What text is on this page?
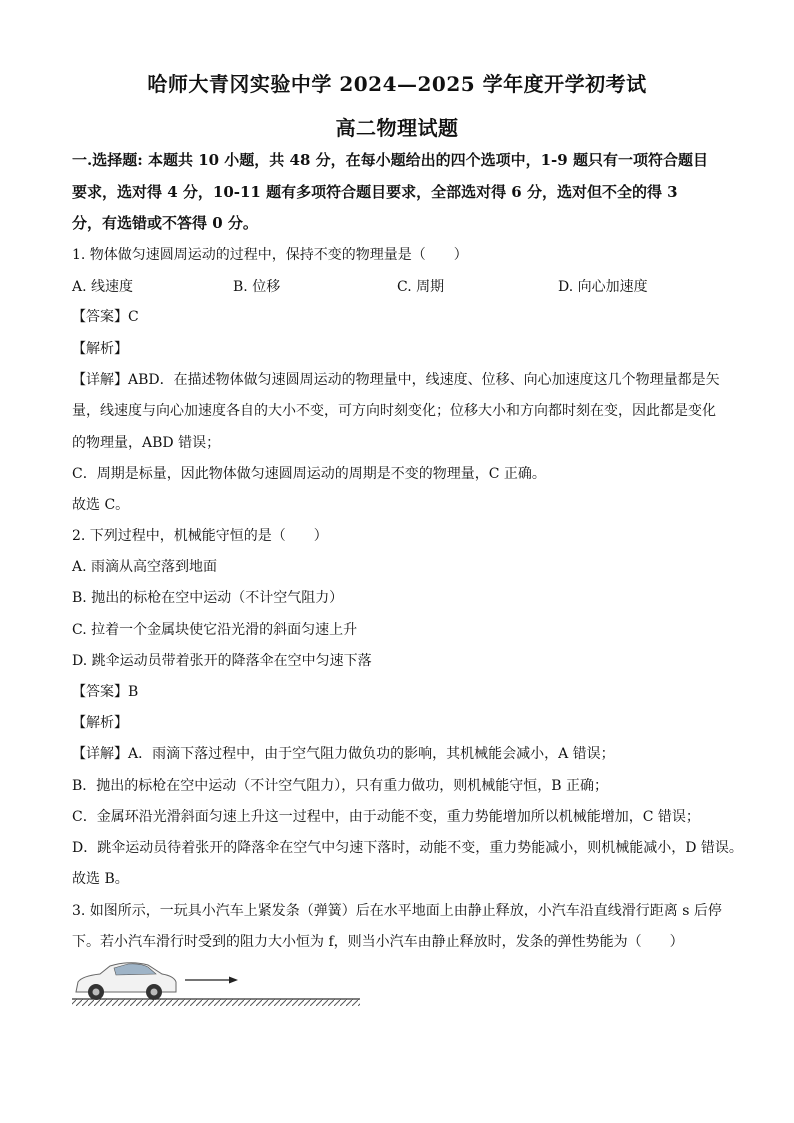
哈师大青冈实验中学 2024—2025 学年度开学初考试
高二物理试题
一.选择题: 本题共 10 小题，共 48 分，在每小题给出的四个选项中，1-9 题只有一项符合题目
要求，选对得 4 分，10-11 题有多项符合题目要求，全部选对得 6 分，选对但不全的得 3
分，有选错或不答得 0 分。
1. 物体做匀速圆周运动的过程中，保持不变的物理量是（　　）
A. 线速度	B. 位移	C. 周期	D. 向心加速度
【答案】C
【解析】
【详解】ABD．在描述物体做匀速圆周运动的物理量中，线速度、位移、向心加速度这几个物理量都是矢
量，线速度与向心加速度各自的大小不变，可方向时刻变化；位移大小和方向都时刻在变，因此都是变化
的物理量，ABD 错误；
C．周期是标量，因此物体做匀速圆周运动的周期是不变的物理量，C 正确。
故选 C。
2. 下列过程中，机械能守恒的是（　　）
A. 雨滴从高空落到地面
B. 抛出的标枪在空中运动（不计空气阻力）
C. 拉着一个金属块使它沿光滑的斜面匀速上升
D. 跳伞运动员带着张开的降落伞在空中匀速下落
【答案】B
【解析】
【详解】A．雨滴下落过程中，由于空气阻力做负功的影响，其机械能会减小，A 错误；
B．抛出的标枪在空中运动（不计空气阻力），只有重力做功，则机械能守恒，B 正确；
C．金属环沿光滑斜面匀速上升这一过程中，由于动能不变，重力势能增加所以机械能增加，C 错误；
D．跳伞运动员待着张开的降落伞在空气中匀速下落时，动能不变，重力势能减小，则机械能减小，D 错误。
故选 B。
3. 如图所示，一玩具小汽车上紧发条（弹簧）后在水平地面上由静止释放，小汽车沿直线滑行距离 s 后停
下。若小汽车滑行时受到的阻力大小恒为 f，则当小汽车由静止释放时，发条的弹性势能为（　　）
